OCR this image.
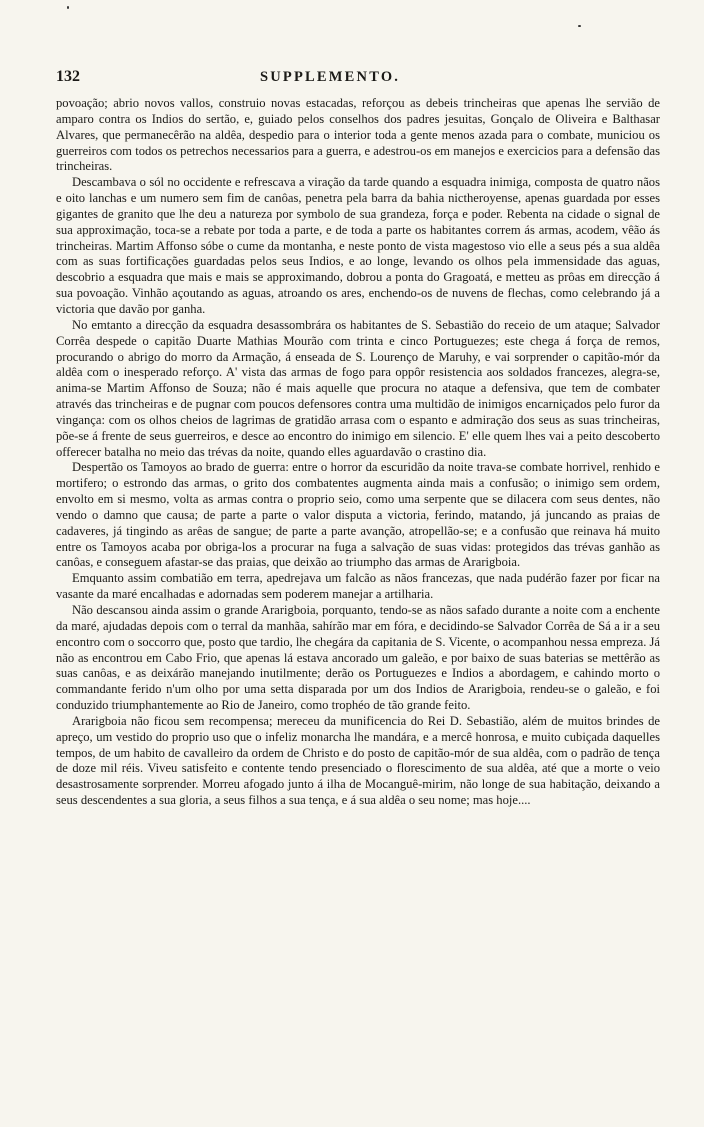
132	SUPPLEMENTO.

povoação; abrio novos vallos, construio novas estacadas, reforçou as debeis trincheiras que apenas lhe servião de amparo contra os Indios do sertão, e, guiado pelos conselhos dos padres jesuitas, Gonçalo de Oliveira e Balthasar Alvares, que permanecêrão na aldêa, despedio para o interior toda a gente menos azada para o combate, municiou os guerreiros com todos os petrechos necessarios para a guerra, e adestrou-os em manejos e exercicios para a defensão das trincheiras.

Descambava o sól no occidente e refrescava a viração da tarde quando a esquadra inimiga, composta de quatro nãos e oito lanchas e um numero sem fim de canôas, penetra pela barra da bahia nictheroyense, apenas guardada por esses gigantes de granito que lhe deu a natureza por symbolo de sua grandeza, força e poder. Rebenta na cidade o signal de sua approximação, toca-se a rebate por toda a parte, e de toda a parte os habitantes correm ás armas, acodem, vêão ás trincheiras. Martim Affonso sóbe o cume da montanha, e neste ponto de vista magestoso vio elle a seus pés a sua aldêa com as suas fortificações guardadas pelos seus Indios, e ao longe, levando os olhos pela immensidade das aguas, descobrio a esquadra que mais e mais se approximando, dobrou a ponta do Gragoatá, e metteu as prôas em direcção á sua povoação. Vinhão açoutando as aguas, atroando os ares, enchendo-os de nuvens de flechas, como celebrando já a victoria que davão por ganha.

No emtanto a direcção da esquadra desassombrára os habitantes de S. Sebastião do receio de um ataque; Salvador Corrêa despede o capitão Duarte Mathias Mourão com trinta e cinco Portuguezes; este chega á força de remos, procurando o abrigo do morro da Armação, á enseada de S. Lourenço de Maruhy, e vai sorprender o capitão-mór da aldêa com o inesperado reforço. A' vista das armas de fogo para oppôr resistencia aos soldados francezes, alegra-se, anima-se Martim Affonso de Souza; não é mais aquelle que procura no ataque a defensiva, que tem de combater através das trincheiras e de pugnar com poucos defensores contra uma multidão de inimigos encarniçados pelo furor da vingança: com os olhos cheios de lagrimas de gratidão arrasa com o espanto e admiração dos seus as suas trincheiras, põe-se á frente de seus guerreiros, e desce ao encontro do inimigo em silencio. E' elle quem lhes vai a peito descoberto offerecer batalha no meio das trévas da noite, quando elles aguardavão o crastino dia.

Despertão os Tamoyos ao brado de guerra: entre o horror da escuridão da noite trava-se combate horrivel, renhido e mortifero; o estrondo das armas, o grito dos combatentes augmenta ainda mais a confusão; o inimigo sem ordem, envolto em si mesmo, volta as armas contra o proprio seio, como uma serpente que se dilacera com seus dentes, não vendo o damno que causa; de parte a parte o valor disputa a victoria, ferindo, matando, já juncando as praias de cadaveres, já tingindo as arêas de sangue; de parte a parte avanção, atropellão-se; e a confusão que reinava há muito entre os Tamoyos acaba por obriga-los a procurar na fuga a salvação de suas vidas: protegidos das trévas ganhão as canôas, e conseguem afastar-se das praias, que deixão ao triumpho das armas de Ararigboia.

Emquanto assim combatião em terra, apedrejava um falcão as nãos francezas, que nada pudérão fazer por ficar na vasante da maré encalhadas e adornadas sem poderem manejar a artilharia.

Não descansou ainda assim o grande Ararigboia, porquanto, tendo-se as nãos safado durante a noite com a enchente da maré, ajudadas depois com o terral da manhãa, sahírão mar em fóra, e decidindo-se Salvador Corrêa de Sá a ir a seu encontro com o soccorro que, posto que tardio, lhe chegára da capitania de S. Vicente, o acompanhou nessa empreza. Já não as encontrou em Cabo Frio, que apenas lá estava ancorado um galeão, e por baixo de suas baterias se mettêrão as suas canôas, e as deixárão manejando inutilmente; derão os Portuguezes e Indios a abordagem, e cahindo morto o commandante ferido n'um olho por uma setta disparada por um dos Indios de Ararigboia, rendeu-se o galeão, e foi conduzido triumphantemente ao Rio de Janeiro, como trophéo de tão grande feito.

Ararigboia não ficou sem recompensa; mereceu da munificencia do Rei D. Sebastião, além de muitos brindes de apreço, um vestido do proprio uso que o infeliz monarcha lhe mandára, e a mercê honrosa, e muito cubiçada daquelles tempos, de um habito de cavalleiro da ordem de Christo e do posto de capitão-mór de sua aldêa, com o padrão de tença de doze mil réis. Viveu satisfeito e contente tendo presenciado o florescimento de sua aldêa, até que a morte o veio desastrosamente sorprender. Morreu afogado junto á ilha de Mocanguê-mirim, não longe de sua habitação, deixando a seus descendentes a sua gloria, a seus filhos a sua tença, e á sua aldêa o seu nome; mas hoje....
